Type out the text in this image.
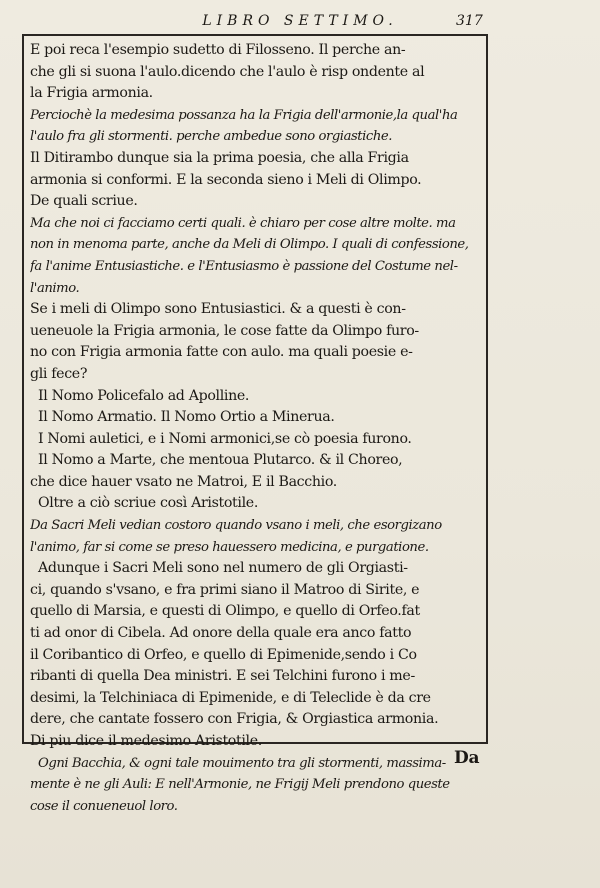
LIBRO SETTIMO.	317
E poi reca l'esempio sudetto di Filosseno. Il perche an-
che gli si suona l'aulo.dicendo che l'aulo è risp ondente al
la Frigia armonia.
Perciochè la medesima possanza ha la Frigia dell'armonie,la qual'ha
l'aulo fra gli stormenti. perche ambedue sono orgiastiche.
Il Ditirambo dunque sia la prima poesia, che alla Frigia
armonia si conformi. E la seconda sieno i Meli di Olimpo.
De quali scriue.
Ma che noi ci facciamo certi quali. è chiaro per cose altre molte. ma
non in menoma parte, anche da Meli di Olimpo. I quali di confessione,
fa l'anime Entusiastiche. e l'Entusiasmo è passione del Costume nel-
l'animo.
Se i meli di Olimpo sono Entusiastici. & a questi è con-
ueneuole la Frigia armonia, le cose fatte da Olimpo furo-
no con Frigia armonia fatte con aulo. ma quali poesie e-
gli fece?
Il Nomo Policefalo ad Apolline.
Il Nomo Armatio. Il Nomo Ortio a Minerua.
I Nomi auletici, e i Nomi armonici,se cò poesia furono.
Il Nomo a Marte, che mentoua Plutarco. & il Choreo,
che dice hauer vsato ne Matroi, E il Bacchio.
Oltre a ciò scriue così Aristotile.
Da Sacri Meli vedian costoro quando vsano i meli, che esorgizano
l'animo, far si come se preso hauessero medicina, e purgatione.
Adunque i Sacri Meli sono nel numero de gli Orgiasti-
ci, quando s'vsano, e fra primi siano il Matroo di Sirite, e
quello di Marsia, e questi di Olimpo, e quello di Orfeo.fat
ti ad onor di Cibela. Ad onore della quale era anco fatto
il Coribantico di Orfeo, e quello di Epimenide,sendo i Co
ribanti di quella Dea ministri. E sei Telchini furono i me-
desimi, la Telchiniaca di Epimenide, e di Teleclide è da cre
dere, che cantate fossero con Frigia, & Orgiastica armonia.
Di piu dice il medesimo Aristotile.
Ogni Bacchia, & ogni tale mouimento tra gli stormenti, massima-
mente è ne gli Auli: E nell'Armonie, ne Frigij Meli prendono queste
cose il conueneuol loro.
Da
